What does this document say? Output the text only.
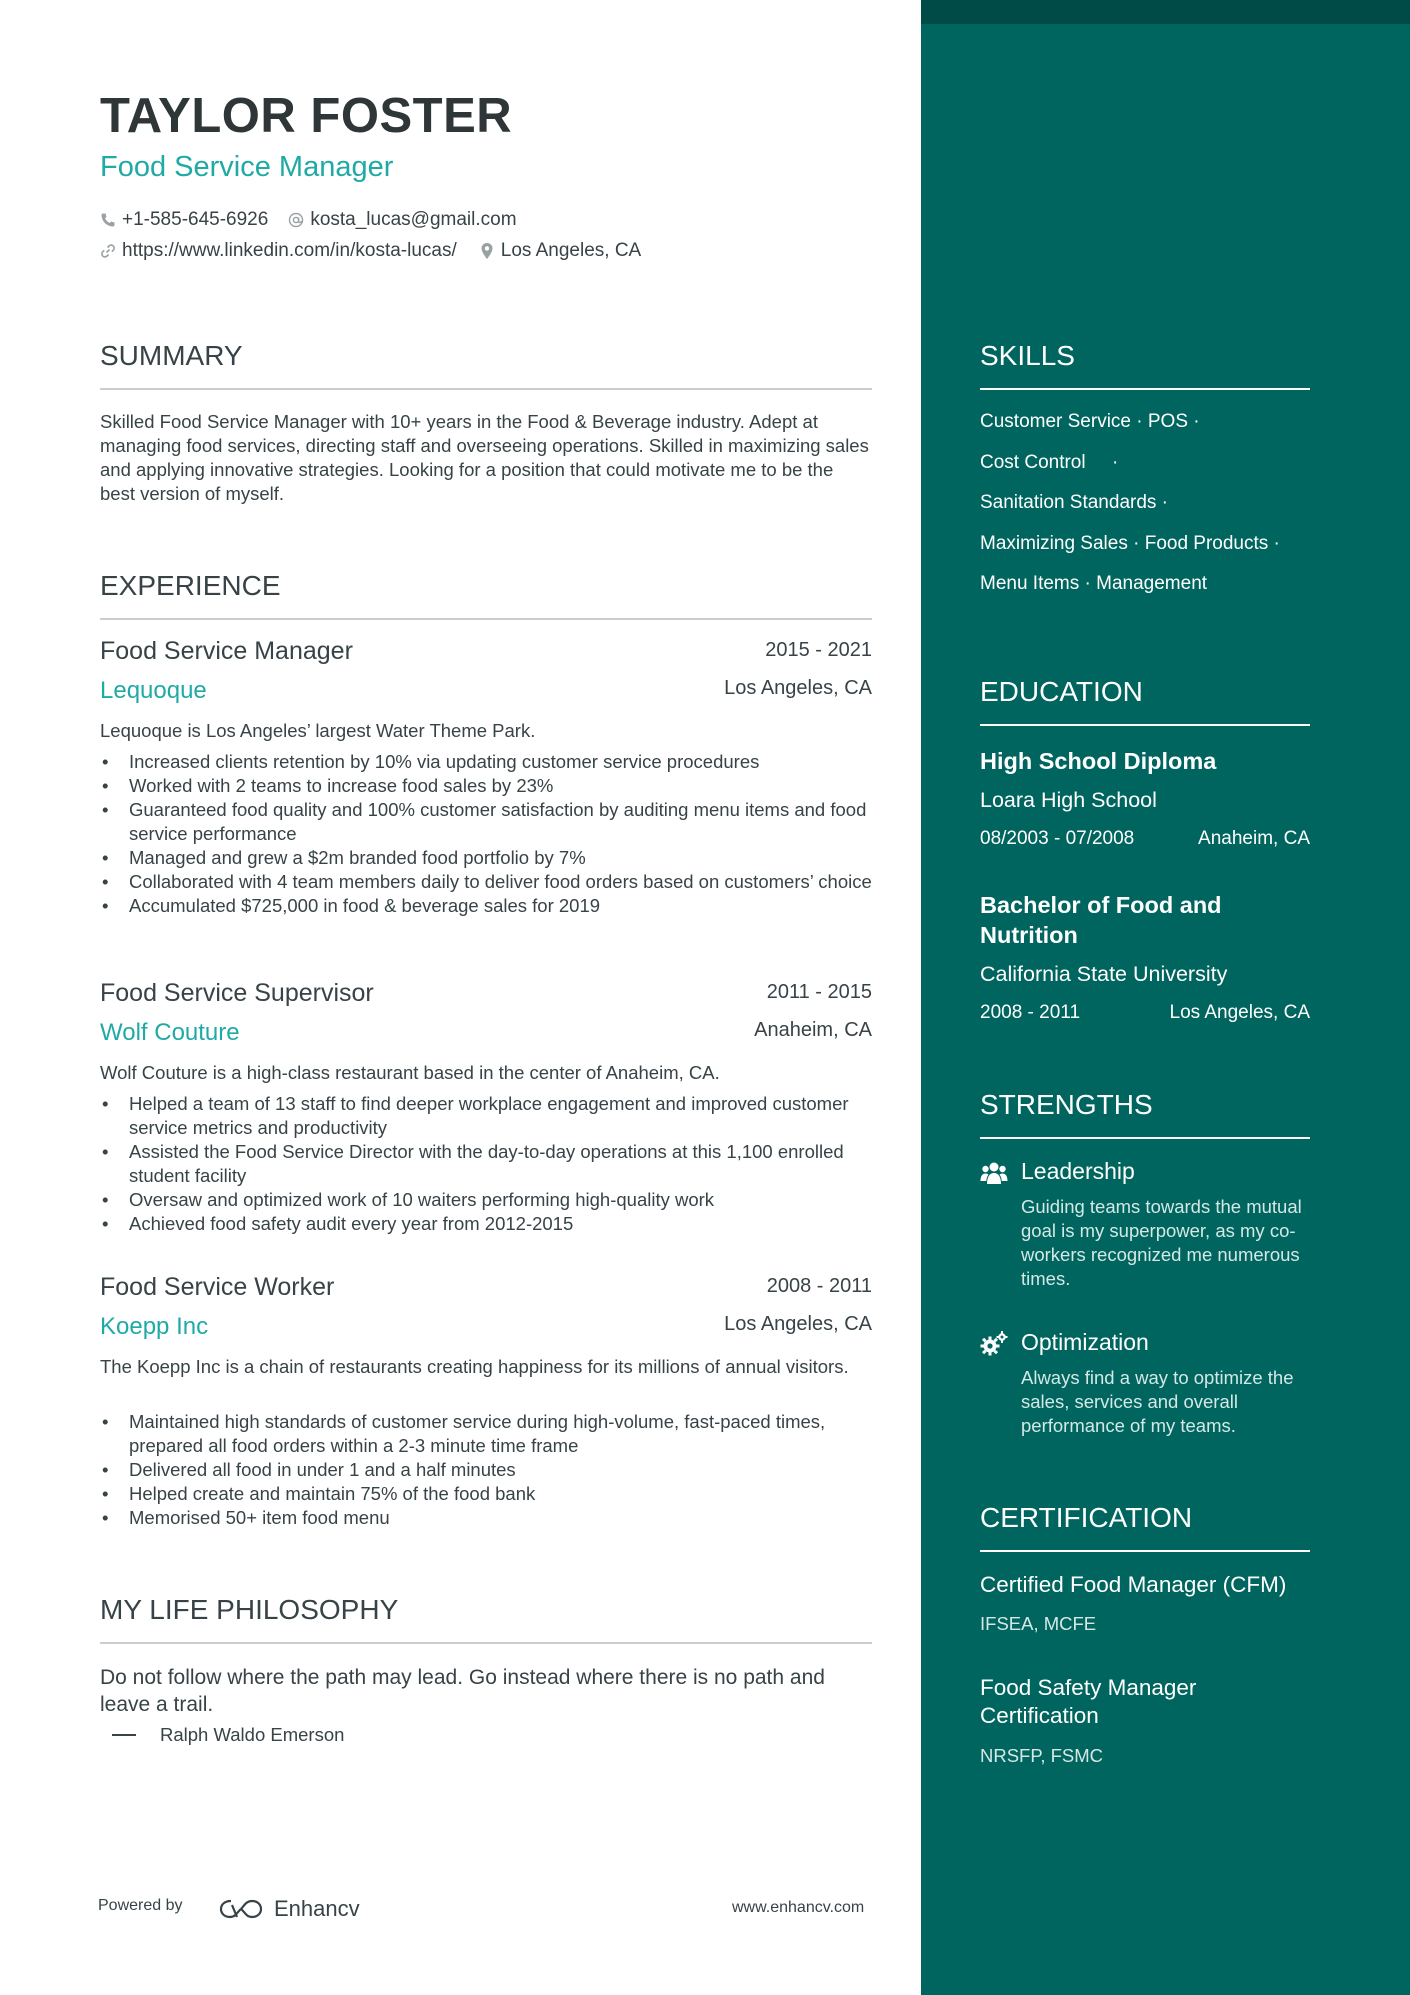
TAYLOR FOSTER
Food Service Manager
+1-585-645-6926 kosta_lucas@gmail.com
https://www.linkedin.com/in/kosta-lucas/ Los Angeles, CA
SUMMARY
Skilled Food Service Manager with 10+ years in the Food & Beverage industry. Adept at managing food services, directing staff and overseeing operations. Skilled in maximizing sales and applying innovative strategies. Looking for a position that could motivate me to be the best version of myself.
EXPERIENCE
Food Service Manager	2015 - 2021
Lequoque	Los Angeles, CA
Lequoque is Los Angeles’ largest Water Theme Park.
• Increased clients retention by 10% via updating customer service procedures
• Worked with 2 teams to increase food sales by 23%
• Guaranteed food quality and 100% customer satisfaction by auditing menu items and food service performance
• Managed and grew a $2m branded food portfolio by 7%
• Collaborated with 4 team members daily to deliver food orders based on customers’ choice
• Accumulated $725,000 in food & beverage sales for 2019
Food Service Supervisor	2011 - 2015
Wolf Couture	Anaheim, CA
Wolf Couture is a high-class restaurant based in the center of Anaheim, CA.
• Helped a team of 13 staff to find deeper workplace engagement and improved customer service metrics and productivity
• Assisted the Food Service Director with the day-to-day operations at this 1,100 enrolled student facility
• Oversaw and optimized work of 10 waiters performing high-quality work
• Achieved food safety audit every year from 2012-2015
Food Service Worker	2008 - 2011
Koepp Inc	Los Angeles, CA
The Koepp Inc is a chain of restaurants creating happiness for its millions of annual visitors.
• Maintained high standards of customer service during high-volume, fast-paced times, prepared all food orders within a 2-3 minute time frame
• Delivered all food in under 1 and a half minutes
• Helped create and maintain 75% of the food bank
• Memorised 50+ item food menu
MY LIFE PHILOSOPHY
Do not follow where the path may lead. Go instead where there is no path and leave a trail.
Ralph Waldo Emerson
Powered by	Enhancv	www.enhancv.com
SKILLS
Customer Service · POS ·
Cost Control     ·
Sanitation Standards ·
Maximizing Sales · Food Products ·
Menu Items · Management
EDUCATION
High School Diploma
Loara High School
08/2003 - 07/2008	Anaheim, CA
Bachelor of Food and Nutrition
California State University
2008 - 2011	Los Angeles, CA
STRENGTHS
Leadership
Guiding teams towards the mutual goal is my superpower, as my co-workers recognized me numerous times.
Optimization
Always find a way to optimize the sales, services and overall performance of my teams.
CERTIFICATION
Certified Food Manager (CFM)
IFSEA, MCFE
Food Safety Manager Certification
NRSFP, FSMC
